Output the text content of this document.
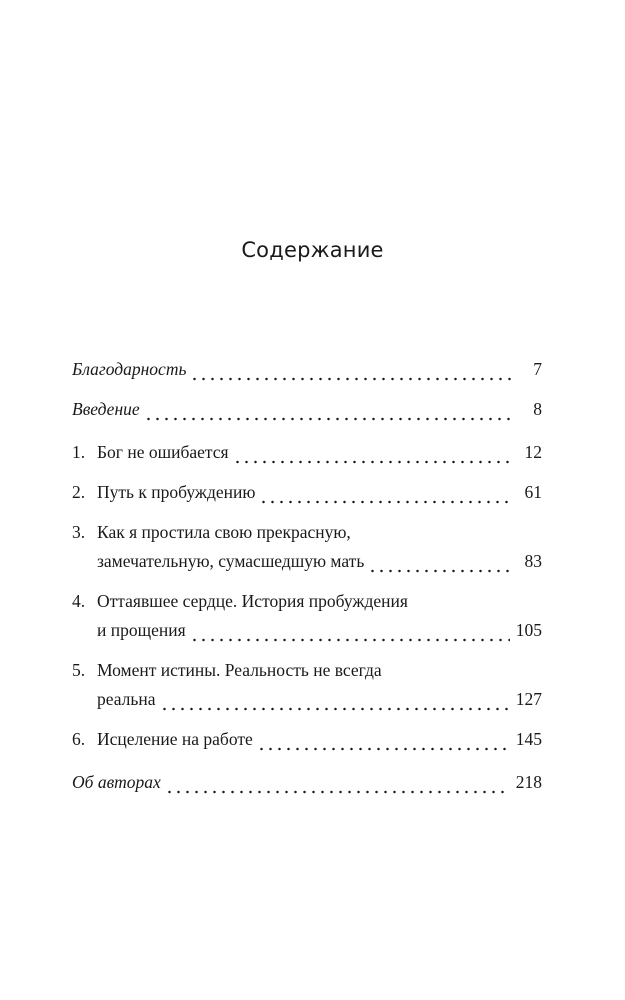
Содержание
Благодарность	7
Введение	8
1. Бог не ошибается	12
2. Путь к пробуждению	61
3. Как я простила свою прекрасную,
замечательную, сумасшедшую мать	83
4. Оттаявшее сердце. История пробуждения
и прощения	105
5. Момент истины. Реальность не всегда
реальна	127
6. Исцеление на работе	145
Об авторах	218
